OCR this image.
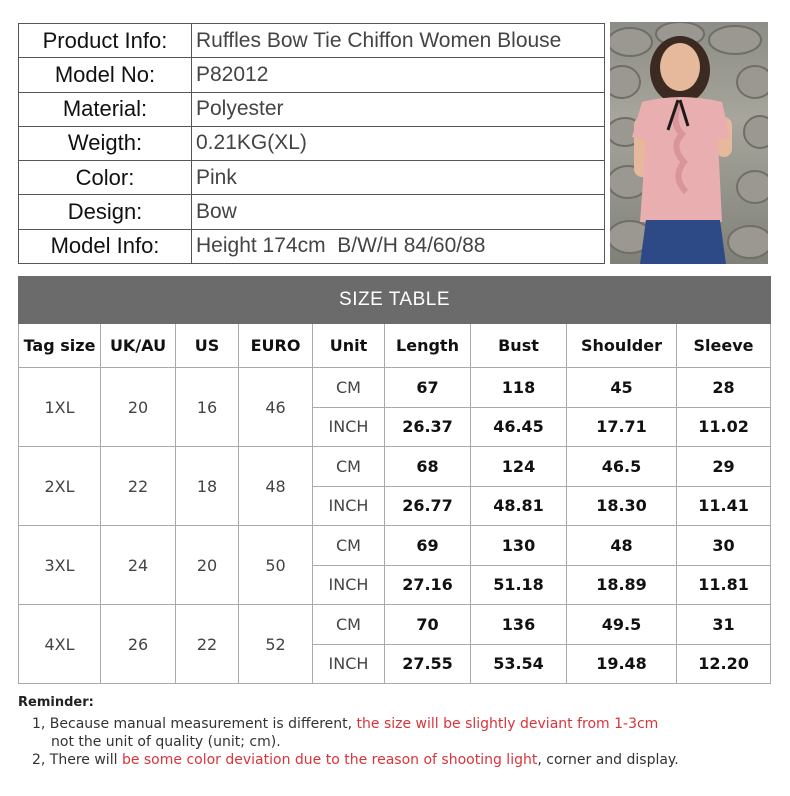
Product Info:	Ruffles Bow Tie Chiffon Women Blouse
Model No:	P82012
Material:	Polyester
Weigth:	0.21KG(XL)
Color:	Pink
Design:	Bow
Model Info:	Height 174cm  B/W/H 84/60/88
SIZE TABLE								
Tag size	UK/AU	US	EURO	Unit	Length	Bust	Shoulder	Sleeve
1XL	20	16	46	CM	67	118	45	28
				INCH	26.37	46.45	17.71	11.02
2XL	22	18	48	CM	68	124	46.5	29
				INCH	26.77	48.81	18.30	11.41
3XL	24	20	50	CM	69	130	48	30
				INCH	27.16	51.18	18.89	11.81
4XL	26	22	52	CM	70	136	49.5	31
				INCH	27.55	53.54	19.48	12.20
Reminder:
1, Because manual measurement is different, the size will be slightly deviant from 1-3cm
not the unit of quality (unit; cm).
2, There will be some color deviation due to the reason of shooting light, corner and display.
